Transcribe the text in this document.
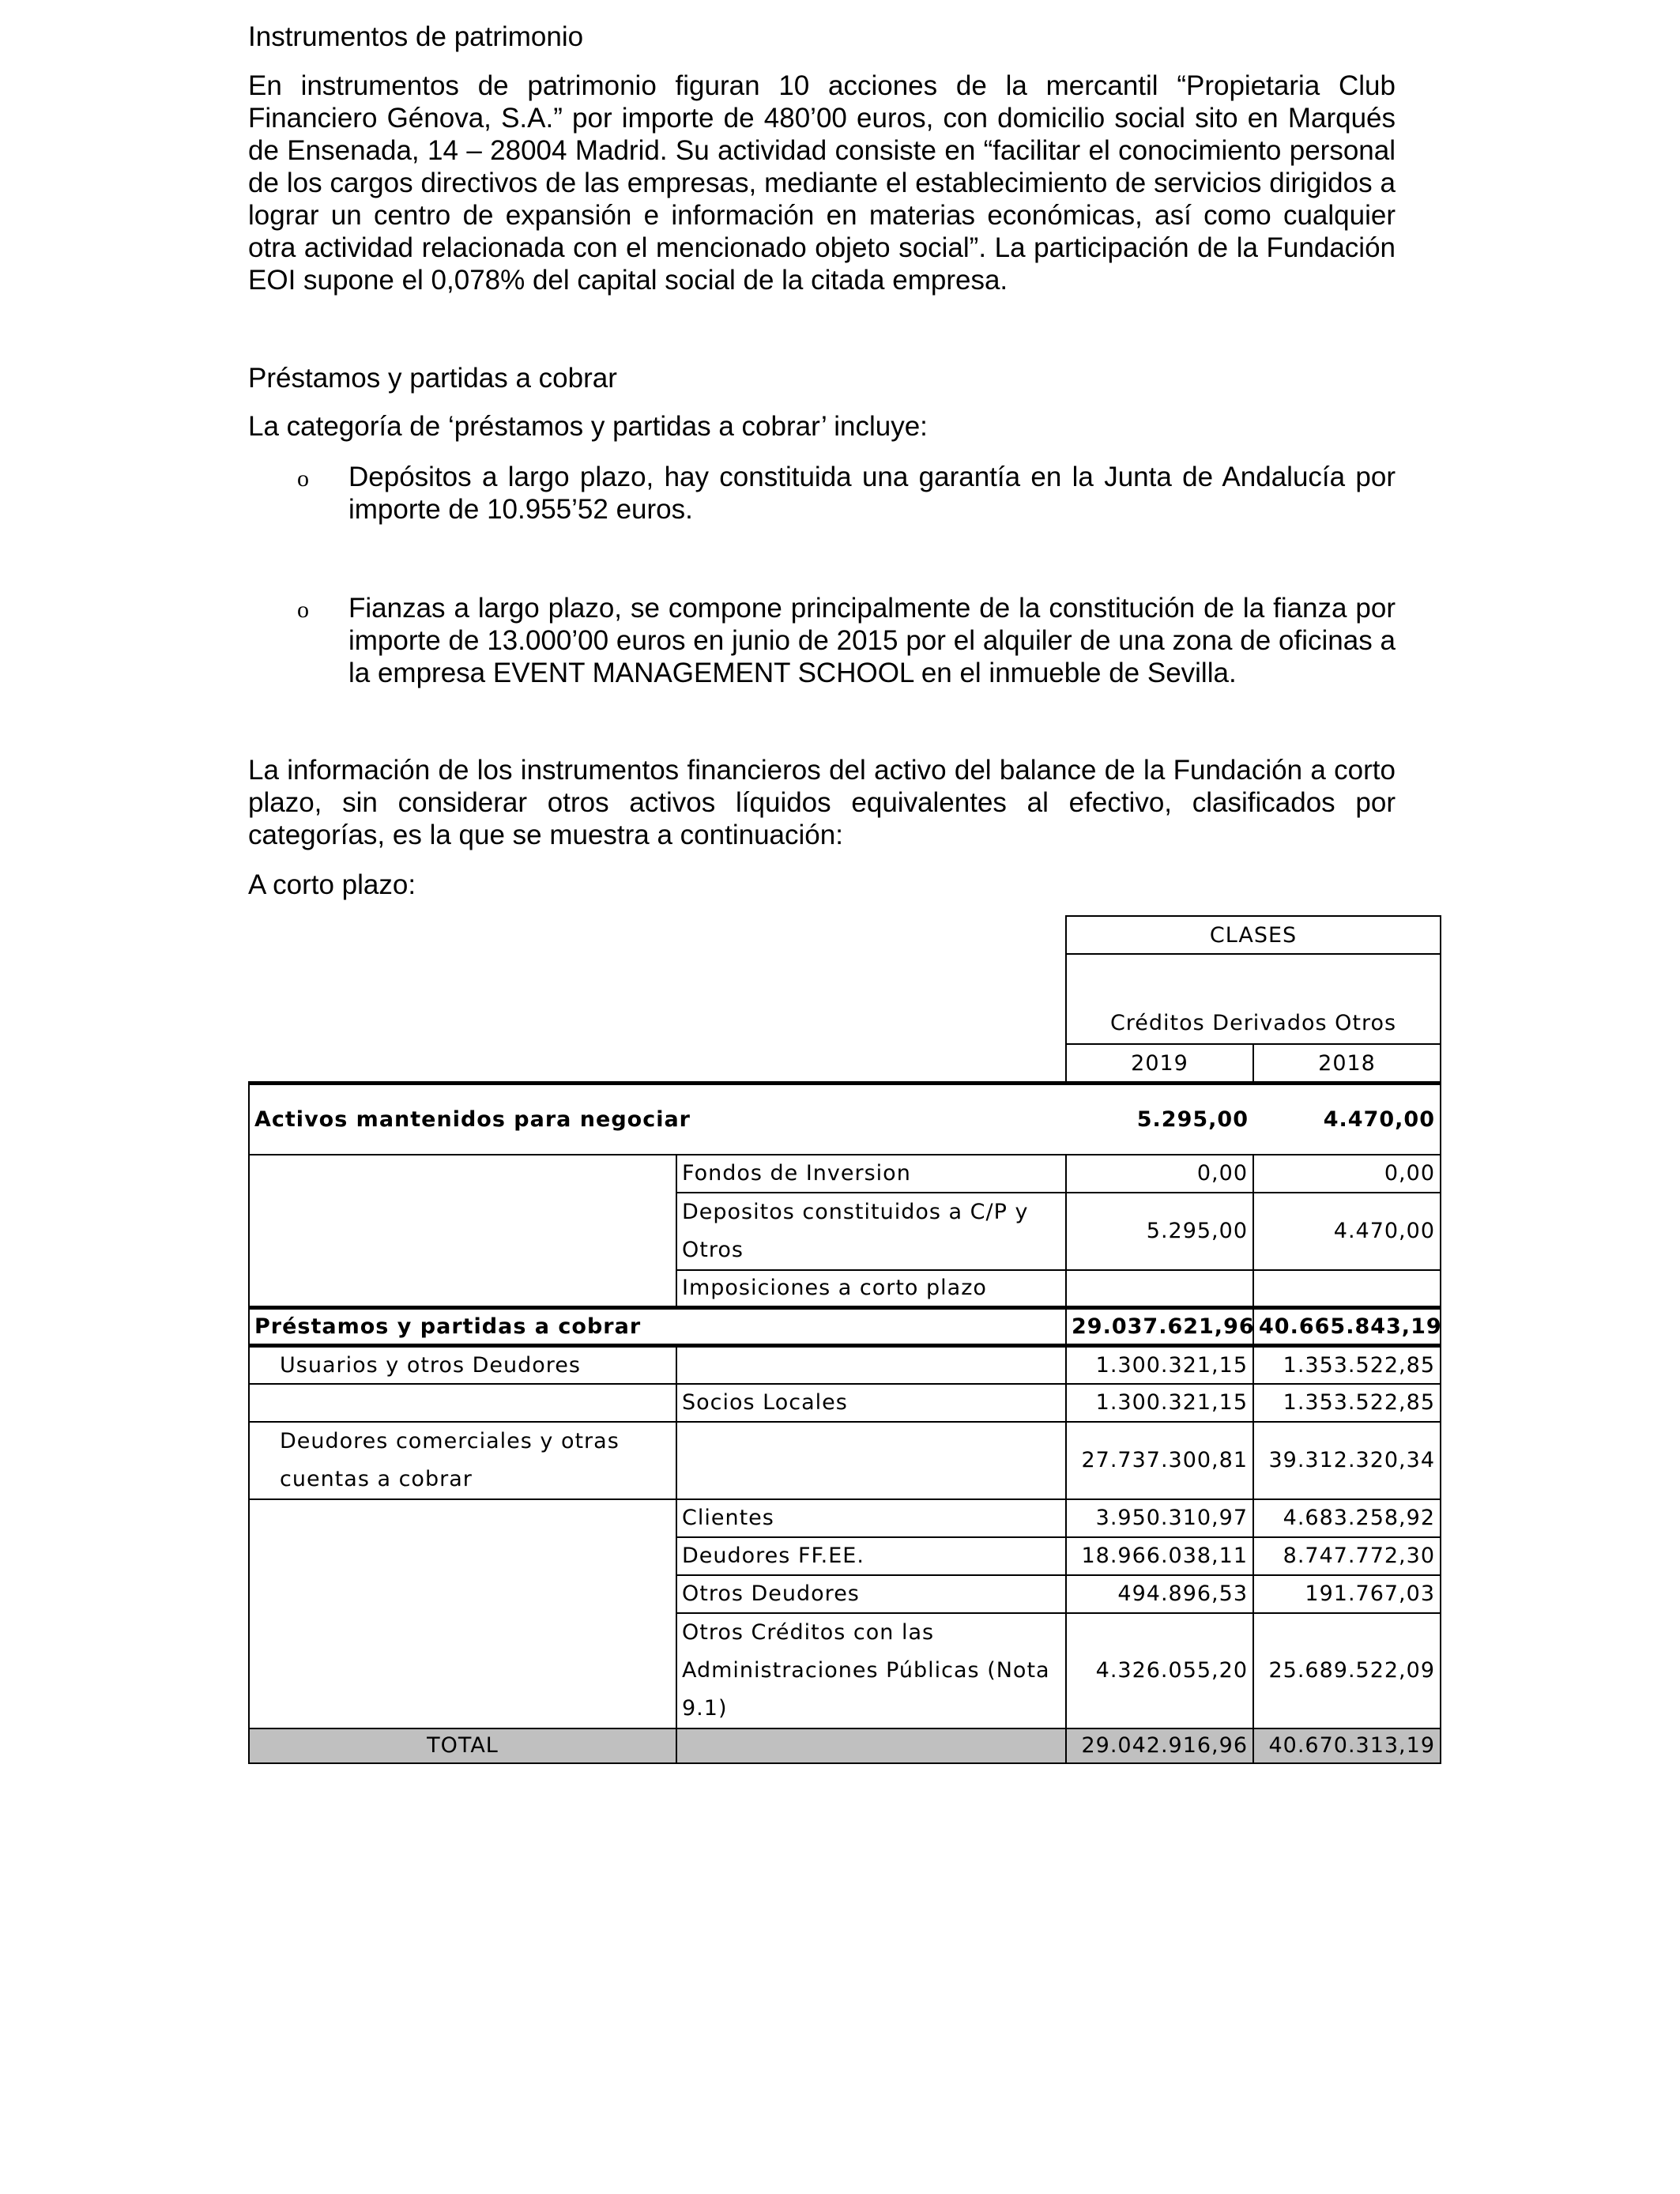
Instrumentos de patrimonio

En instrumentos de patrimonio figuran 10 acciones de la mercantil “Propietaria Club Financiero Génova, S.A.” por importe de 480’00 euros, con domicilio social sito en Marqués de Ensenada, 14 – 28004 Madrid. Su actividad consiste en “facilitar el conocimiento personal de los cargos directivos de las empresas, mediante el establecimiento de servicios dirigidos a lograr un centro de expansión e información en materias económicas, así como cualquier otra actividad relacionada con el mencionado objeto social”. La participación de la Fundación EOI supone el 0,078% del capital social de la citada empresa.

Préstamos y partidas a cobrar

La categoría de ‘préstamos y partidas a cobrar’ incluye:

o Depósitos a largo plazo, hay constituida una garantía en la Junta de Andalucía por importe de 10.955’52 euros.

o Fianzas a largo plazo, se compone principalmente de la constitución de la fianza por importe de 13.000’00 euros en junio de 2015 por el alquiler de una zona de oficinas a la empresa EVENT MANAGEMENT SCHOOL en el inmueble de Sevilla.

La información de los instrumentos financieros del activo del balance de la Fundación a corto plazo, sin considerar otros activos líquidos equivalentes al efectivo, clasificados por categorías, es la que se muestra a continuación:

A corto plazo:

CLASES
Créditos Derivados Otros
2019	2018
Activos mantenidos para negociar		5.295,00	4.470,00
	Fondos de Inversion	0,00	0,00
	Depositos constituidos a C/P y Otros	5.295,00	4.470,00
	Imposiciones a corto plazo		
Préstamos y partidas a cobrar		29.037.621,96	40.665.843,19
Usuarios y otros Deudores		1.300.321,15	1.353.522,85
	Socios Locales	1.300.321,15	1.353.522,85
Deudores comerciales y otras cuentas a cobrar		27.737.300,81	39.312.320,34
	Clientes	3.950.310,97	4.683.258,92
	Deudores FF.EE.	18.966.038,11	8.747.772,30
	Otros Deudores	494.896,53	191.767,03
	Otros Créditos con las Administraciones Públicas (Nota 9.1)	4.326.055,20	25.689.522,09
TOTAL		29.042.916,96	40.670.313,19
